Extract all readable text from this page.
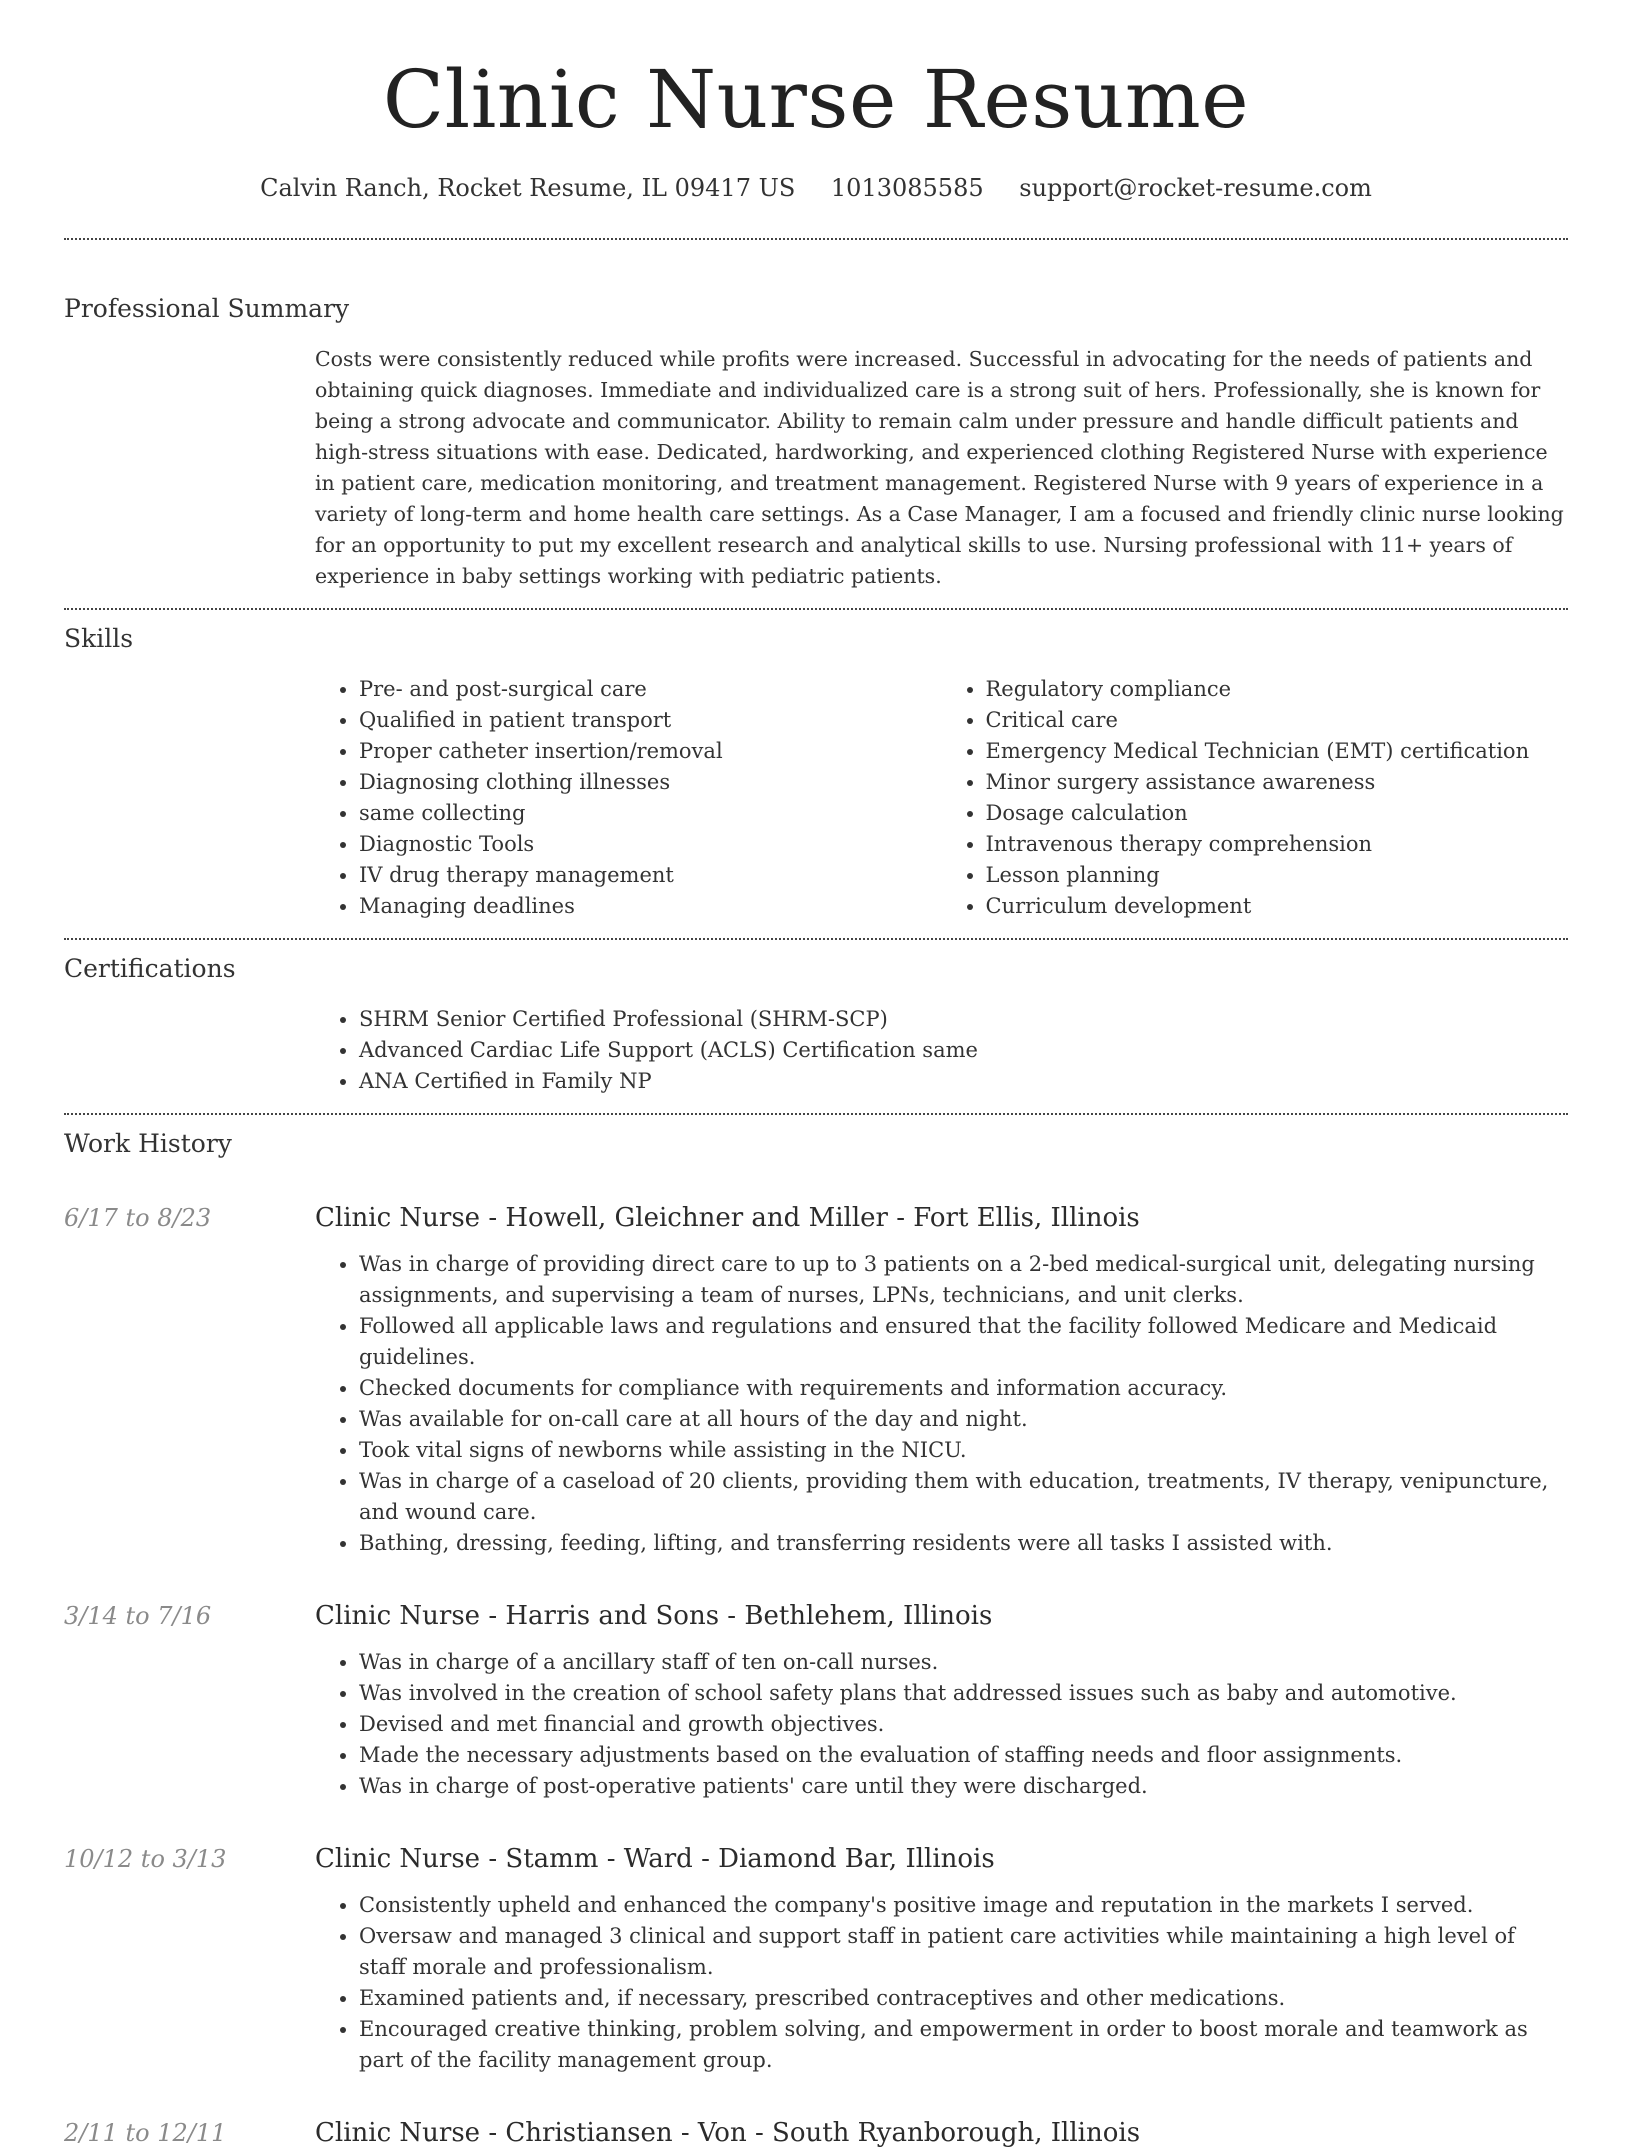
Clinic Nurse Resume
Calvin Ranch, Rocket Resume, IL 09417 US 1013085585 support@rocket-resume.com
Professional Summary

Costs were consistently reduced while profits were increased. Successful in advocating for the needs of patients and obtaining quick diagnoses. Immediate and individualized care is a strong suit of hers. Professionally, she is known for being a strong advocate and communicator. Ability to remain calm under pressure and handle difficult patients and high-stress situations with ease. Dedicated, hardworking, and experienced clothing Registered Nurse with experience in patient care, medication monitoring, and treatment management. Registered Nurse with 9 years of experience in a variety of long-term and home health care settings. As a Case Manager, I am a focused and friendly clinic nurse looking for an opportunity to put my excellent research and analytical skills to use. Nursing professional with 11+ years of experience in baby settings working with pediatric patients.

Skills
• Pre- and post-surgical care
• Qualified in patient transport
• Proper catheter insertion/removal
• Diagnosing clothing illnesses
• same collecting
• Diagnostic Tools
• IV drug therapy management
• Managing deadlines
• Regulatory compliance
• Critical care
• Emergency Medical Technician (EMT) certification
• Minor surgery assistance awareness
• Dosage calculation
• Intravenous therapy comprehension
• Lesson planning
• Curriculum development
Certifications
• SHRM Senior Certified Professional (SHRM-SCP)
• Advanced Cardiac Life Support (ACLS) Certification same
• ANA Certified in Family NP
Work History
6/17 to 8/23	Clinic Nurse - Howell, Gleichner and Miller - Fort Ellis, Illinois
• Was in charge of providing direct care to up to 3 patients on a 2-bed medical-surgical unit, delegating nursing assignments, and supervising a team of nurses, LPNs, technicians, and unit clerks.
• Followed all applicable laws and regulations and ensured that the facility followed Medicare and Medicaid guidelines.
• Checked documents for compliance with requirements and information accuracy.
• Was available for on-call care at all hours of the day and night.
• Took vital signs of newborns while assisting in the NICU.
• Was in charge of a caseload of 20 clients, providing them with education, treatments, IV therapy, venipuncture, and wound care.
• Bathing, dressing, feeding, lifting, and transferring residents were all tasks I assisted with.
3/14 to 7/16	Clinic Nurse - Harris and Sons - Bethlehem, Illinois
• Was in charge of a ancillary staff of ten on-call nurses.
• Was involved in the creation of school safety plans that addressed issues such as baby and automotive.
• Devised and met financial and growth objectives.
• Made the necessary adjustments based on the evaluation of staffing needs and floor assignments.
• Was in charge of post-operative patients' care until they were discharged.
10/12 to 3/13	Clinic Nurse - Stamm - Ward - Diamond Bar, Illinois
• Consistently upheld and enhanced the company's positive image and reputation in the markets I served.
• Oversaw and managed 3 clinical and support staff in patient care activities while maintaining a high level of staff morale and professionalism.
• Examined patients and, if necessary, prescribed contraceptives and other medications.
• Encouraged creative thinking, problem solving, and empowerment in order to boost morale and teamwork as part of the facility management group.
2/11 to 12/11	Clinic Nurse - Christiansen - Von - South Ryanborough, Illinois
